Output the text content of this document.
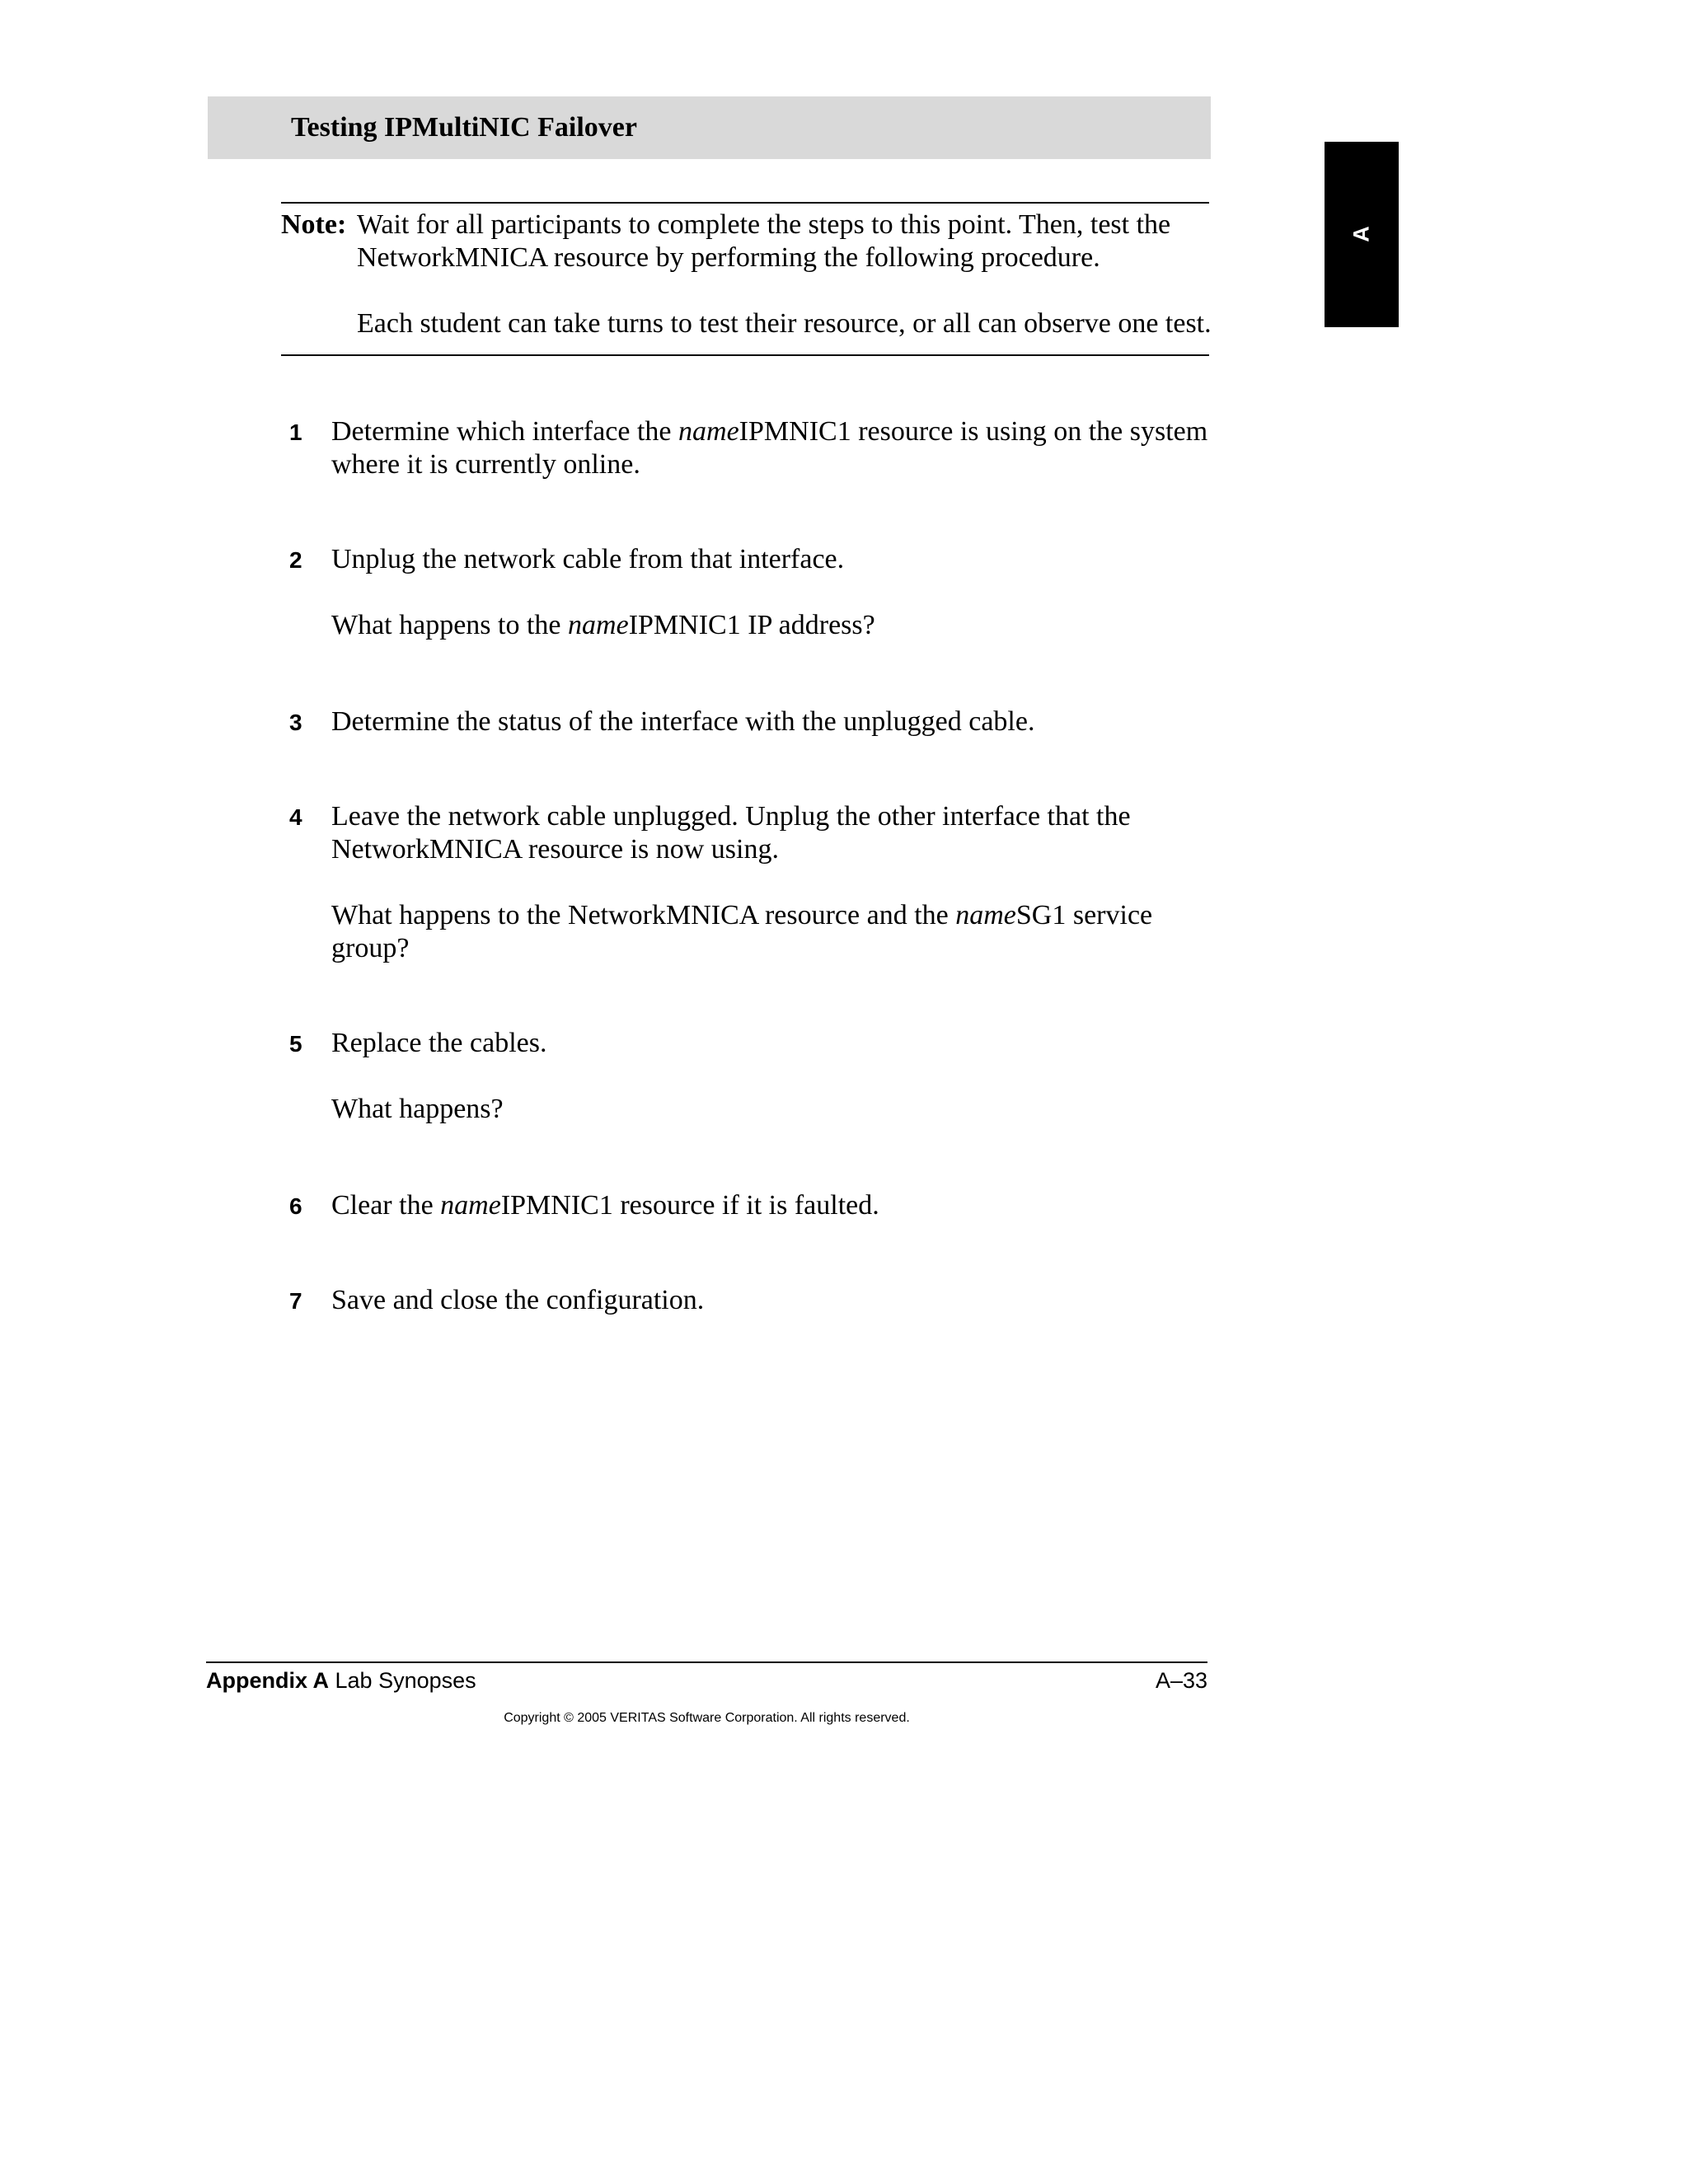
Testing IPMultiNIC Failover
A
Note: Wait for all participants to complete the steps to this point. Then, test the

NetworkMNICA resource by performing the following procedure.

Each student can take turns to test their resource, or all can observe one test.

1 Determine which interface the nameIPMNIC1 resource is using on the system where it is currently online.

2 Unplug the network cable from that interface.

What happens to the nameIPMNIC1 IP address?

3 Determine the status of the interface with the unplugged cable.

4 Leave the network cable unplugged. Unplug the other interface that the NetworkMNICA resource is now using.

What happens to the NetworkMNICA resource and the nameSG1 service group?

5 Replace the cables.

What happens?

6 Clear the nameIPMNIC1 resource if it is faulted.

7 Save and close the configuration.

Appendix A Lab Synopses	A–33
Copyright © 2005 VERITAS Software Corporation. All rights reserved.
